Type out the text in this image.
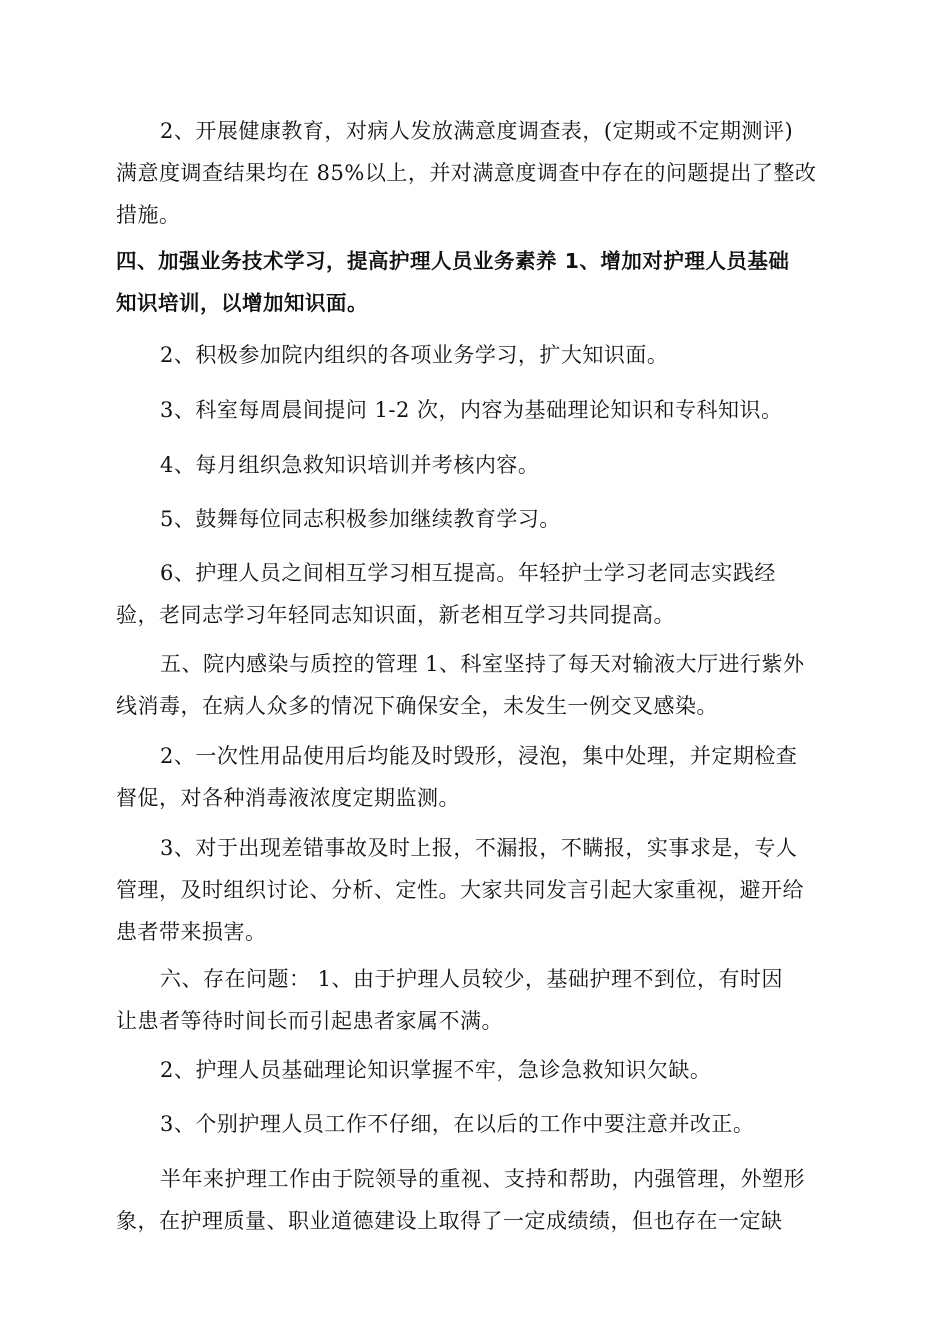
2、开展健康教育，对病人发放满意度调查表，(定期或不定期测评)
满意度调查结果均在 85%以上，并对满意度调查中存在的问题提出了整改
措施。

四、加强业务技术学习，提高护理人员业务素养 1、增加对护理人员基础
知识培训，以增加知识面。

2、积极参加院内组织的各项业务学习，扩大知识面。

3、科室每周晨间提问 1-2 次，内容为基础理论知识和专科知识。

4、每月组织急救知识培训并考核内容。

5、鼓舞每位同志积极参加继续教育学习。

6、护理人员之间相互学习相互提高。年轻护士学习老同志实践经
验，老同志学习年轻同志知识面，新老相互学习共同提高。

五、院内感染与质控的管理 1、科室坚持了每天对输液大厅进行紫外
线消毒，在病人众多的情况下确保安全，未发生一例交叉感染。

2、一次性用品使用后均能及时毁形，浸泡，集中处理，并定期检查
督促，对各种消毒液浓度定期监测。

3、对于出现差错事故及时上报，不漏报，不瞒报，实事求是，专人
管理，及时组织讨论、分析、定性。大家共同发言引起大家重视，避开给
患者带来损害。

六、存在问题： 1、由于护理人员较少，基础护理不到位，有时因
让患者等待时间长而引起患者家属不满。

2、护理人员基础理论知识掌握不牢，急诊急救知识欠缺。

3、个别护理人员工作不仔细，在以后的工作中要注意并改正。

半年来护理工作由于院领导的重视、支持和帮助，内强管理，外塑形
象，在护理质量、职业道德建设上取得了一定成绩绩，但也存在一定缺
